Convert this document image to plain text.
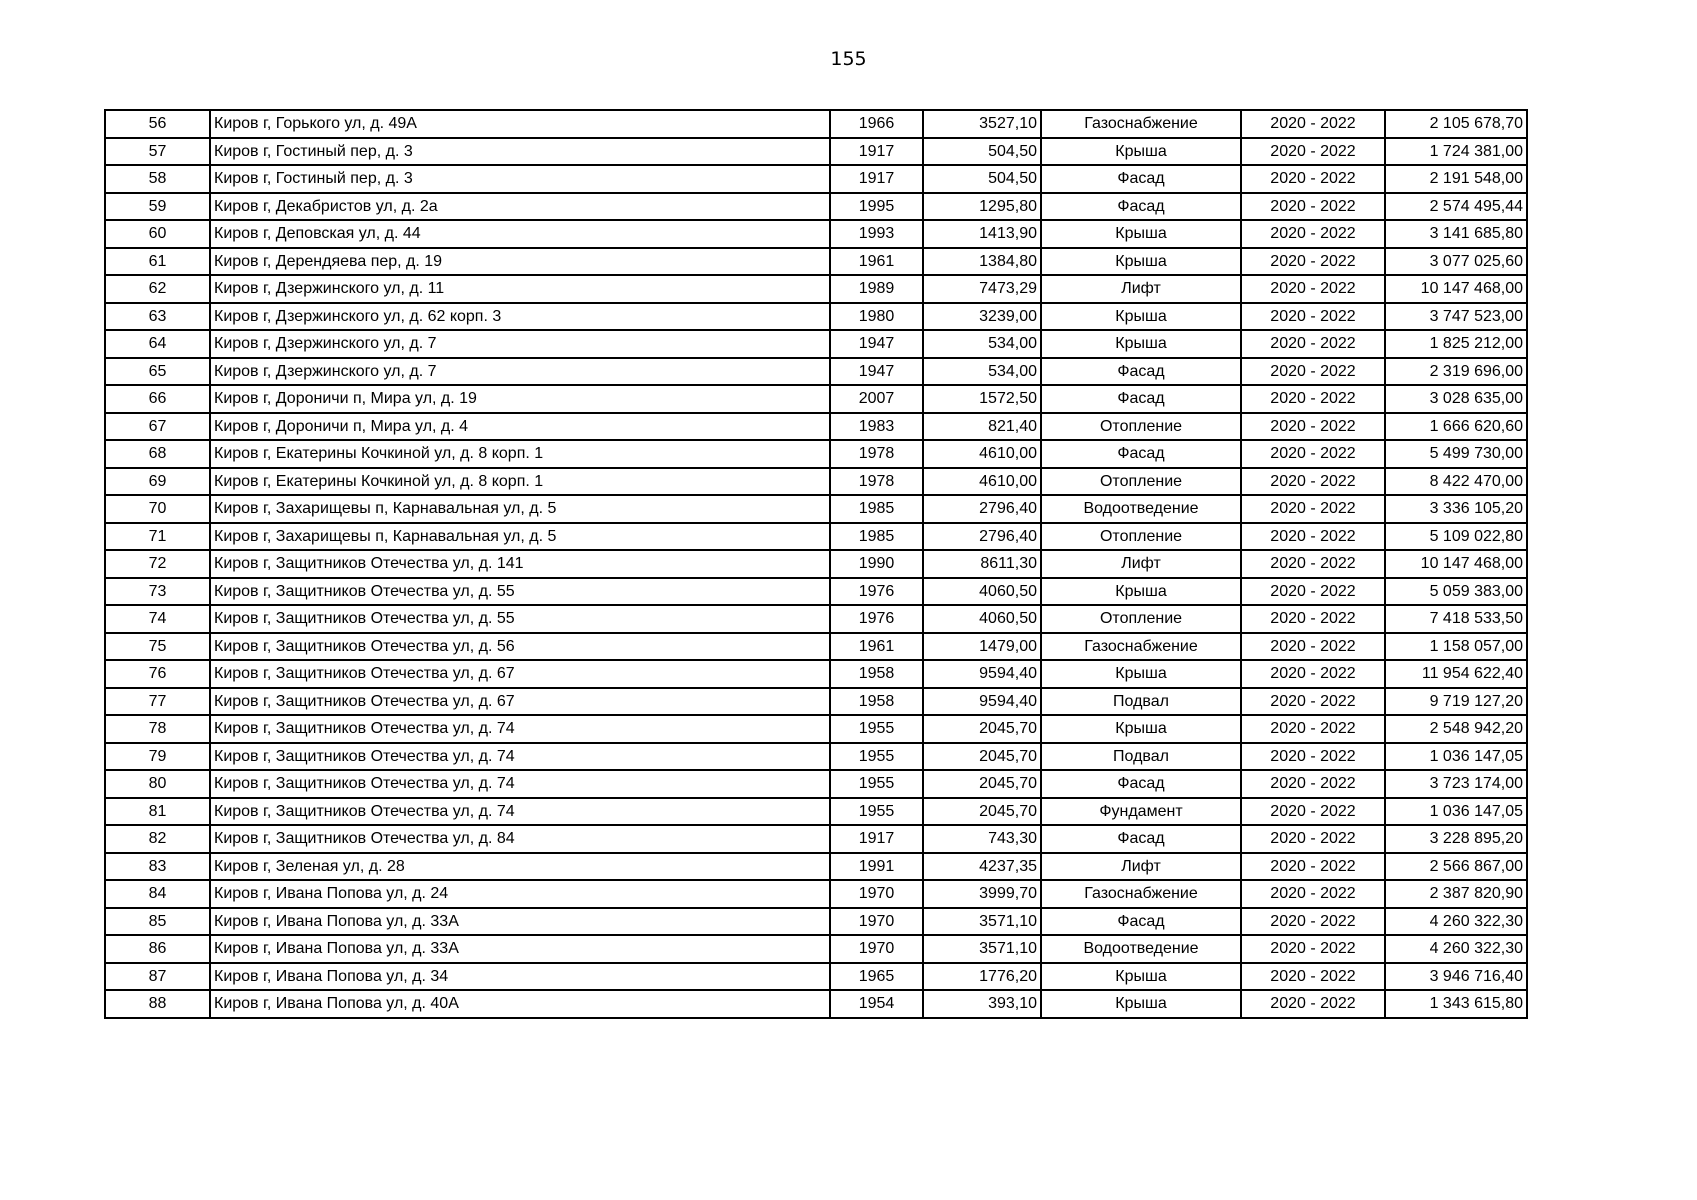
155
56	Киров г, Горького ул, д. 49А	1966	3527,10	Газоснабжение	2020 - 2022	2 105 678,70
57	Киров г, Гостиный пер, д. 3	1917	504,50	Крыша	2020 - 2022	1 724 381,00
58	Киров г, Гостиный пер, д. 3	1917	504,50	Фасад	2020 - 2022	2 191 548,00
59	Киров г, Декабристов ул, д. 2а	1995	1295,80	Фасад	2020 - 2022	2 574 495,44
60	Киров г, Деповская ул, д. 44	1993	1413,90	Крыша	2020 - 2022	3 141 685,80
61	Киров г, Дерендяева пер, д. 19	1961	1384,80	Крыша	2020 - 2022	3 077 025,60
62	Киров г, Дзержинского ул, д. 11	1989	7473,29	Лифт	2020 - 2022	10 147 468,00
63	Киров г, Дзержинского ул, д. 62 корп. 3	1980	3239,00	Крыша	2020 - 2022	3 747 523,00
64	Киров г, Дзержинского ул, д. 7	1947	534,00	Крыша	2020 - 2022	1 825 212,00
65	Киров г, Дзержинского ул, д. 7	1947	534,00	Фасад	2020 - 2022	2 319 696,00
66	Киров г, Дороничи п, Мира ул, д. 19	2007	1572,50	Фасад	2020 - 2022	3 028 635,00
67	Киров г, Дороничи п, Мира ул, д. 4	1983	821,40	Отопление	2020 - 2022	1 666 620,60
68	Киров г, Екатерины Кочкиной ул, д. 8 корп. 1	1978	4610,00	Фасад	2020 - 2022	5 499 730,00
69	Киров г, Екатерины Кочкиной ул, д. 8 корп. 1	1978	4610,00	Отопление	2020 - 2022	8 422 470,00
70	Киров г, Захарищевы п, Карнавальная ул, д. 5	1985	2796,40	Водоотведение	2020 - 2022	3 336 105,20
71	Киров г, Захарищевы п, Карнавальная ул, д. 5	1985	2796,40	Отопление	2020 - 2022	5 109 022,80
72	Киров г, Защитников Отечества ул, д. 141	1990	8611,30	Лифт	2020 - 2022	10 147 468,00
73	Киров г, Защитников Отечества ул, д. 55	1976	4060,50	Крыша	2020 - 2022	5 059 383,00
74	Киров г, Защитников Отечества ул, д. 55	1976	4060,50	Отопление	2020 - 2022	7 418 533,50
75	Киров г, Защитников Отечества ул, д. 56	1961	1479,00	Газоснабжение	2020 - 2022	1 158 057,00
76	Киров г, Защитников Отечества ул, д. 67	1958	9594,40	Крыша	2020 - 2022	11 954 622,40
77	Киров г, Защитников Отечества ул, д. 67	1958	9594,40	Подвал	2020 - 2022	9 719 127,20
78	Киров г, Защитников Отечества ул, д. 74	1955	2045,70	Крыша	2020 - 2022	2 548 942,20
79	Киров г, Защитников Отечества ул, д. 74	1955	2045,70	Подвал	2020 - 2022	1 036 147,05
80	Киров г, Защитников Отечества ул, д. 74	1955	2045,70	Фасад	2020 - 2022	3 723 174,00
81	Киров г, Защитников Отечества ул, д. 74	1955	2045,70	Фундамент	2020 - 2022	1 036 147,05
82	Киров г, Защитников Отечества ул, д. 84	1917	743,30	Фасад	2020 - 2022	3 228 895,20
83	Киров г, Зеленая ул, д. 28	1991	4237,35	Лифт	2020 - 2022	2 566 867,00
84	Киров г, Ивана Попова ул, д. 24	1970	3999,70	Газоснабжение	2020 - 2022	2 387 820,90
85	Киров г, Ивана Попова ул, д. 33А	1970	3571,10	Фасад	2020 - 2022	4 260 322,30
86	Киров г, Ивана Попова ул, д. 33А	1970	3571,10	Водоотведение	2020 - 2022	4 260 322,30
87	Киров г, Ивана Попова ул, д. 34	1965	1776,20	Крыша	2020 - 2022	3 946 716,40
88	Киров г, Ивана Попова ул, д. 40А	1954	393,10	Крыша	2020 - 2022	1 343 615,80
